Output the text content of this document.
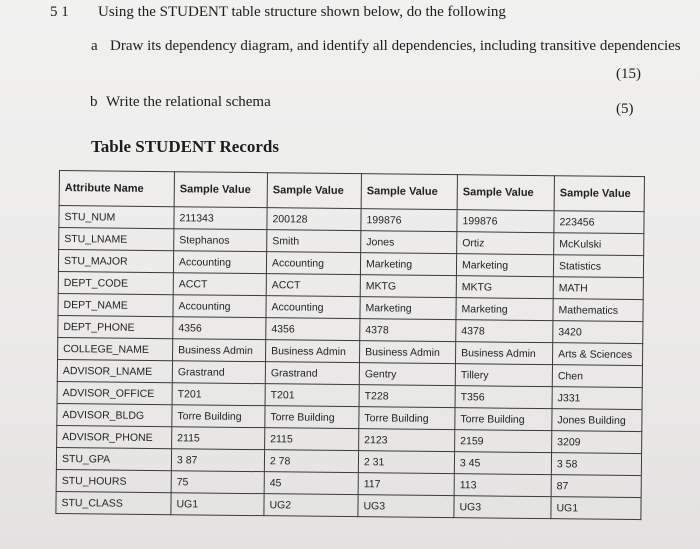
5 1 Using the STUDENT table structure shown below, do the following
a Draw its dependency diagram, and identify all dependencies, including transitive dependencies
(15)
b Write the relational schema	(5)
Table STUDENT Records
Attribute Name	Sample Value	Sample Value	Sample Value	Sample Value	Sample Value
STU_NUM	211343	200128	199876	199876	223456
STU_LNAME	Stephanos	Smith	Jones	Ortiz	McKulski
STU_MAJOR	Accounting	Accounting	Marketing	Marketing	Statistics
DEPT_CODE	ACCT	ACCT	MKTG	MKTG	MATH
DEPT_NAME	Accounting	Accounting	Marketing	Marketing	Mathematics
DEPT_PHONE	4356	4356	4378	4378	3420
COLLEGE_NAME	Business Admin	Business Admin	Business Admin	Business Admin	Arts & Sciences
ADVISOR_LNAME	Grastrand	Grastrand	Gentry	Tillery	Chen
ADVISOR_OFFICE	T201	T201	T228	T356	J331
ADVISOR_BLDG	Torre Building	Torre Building	Torre Building	Torre Building	Jones Building
ADVISOR_PHONE	2115	2115	2123	2159	3209
STU_GPA	3 87	2 78	2 31	3 45	3 58
STU_HOURS	75	45	117	113	87
STU_CLASS	UG1	UG2	UG3	UG3	UG1
